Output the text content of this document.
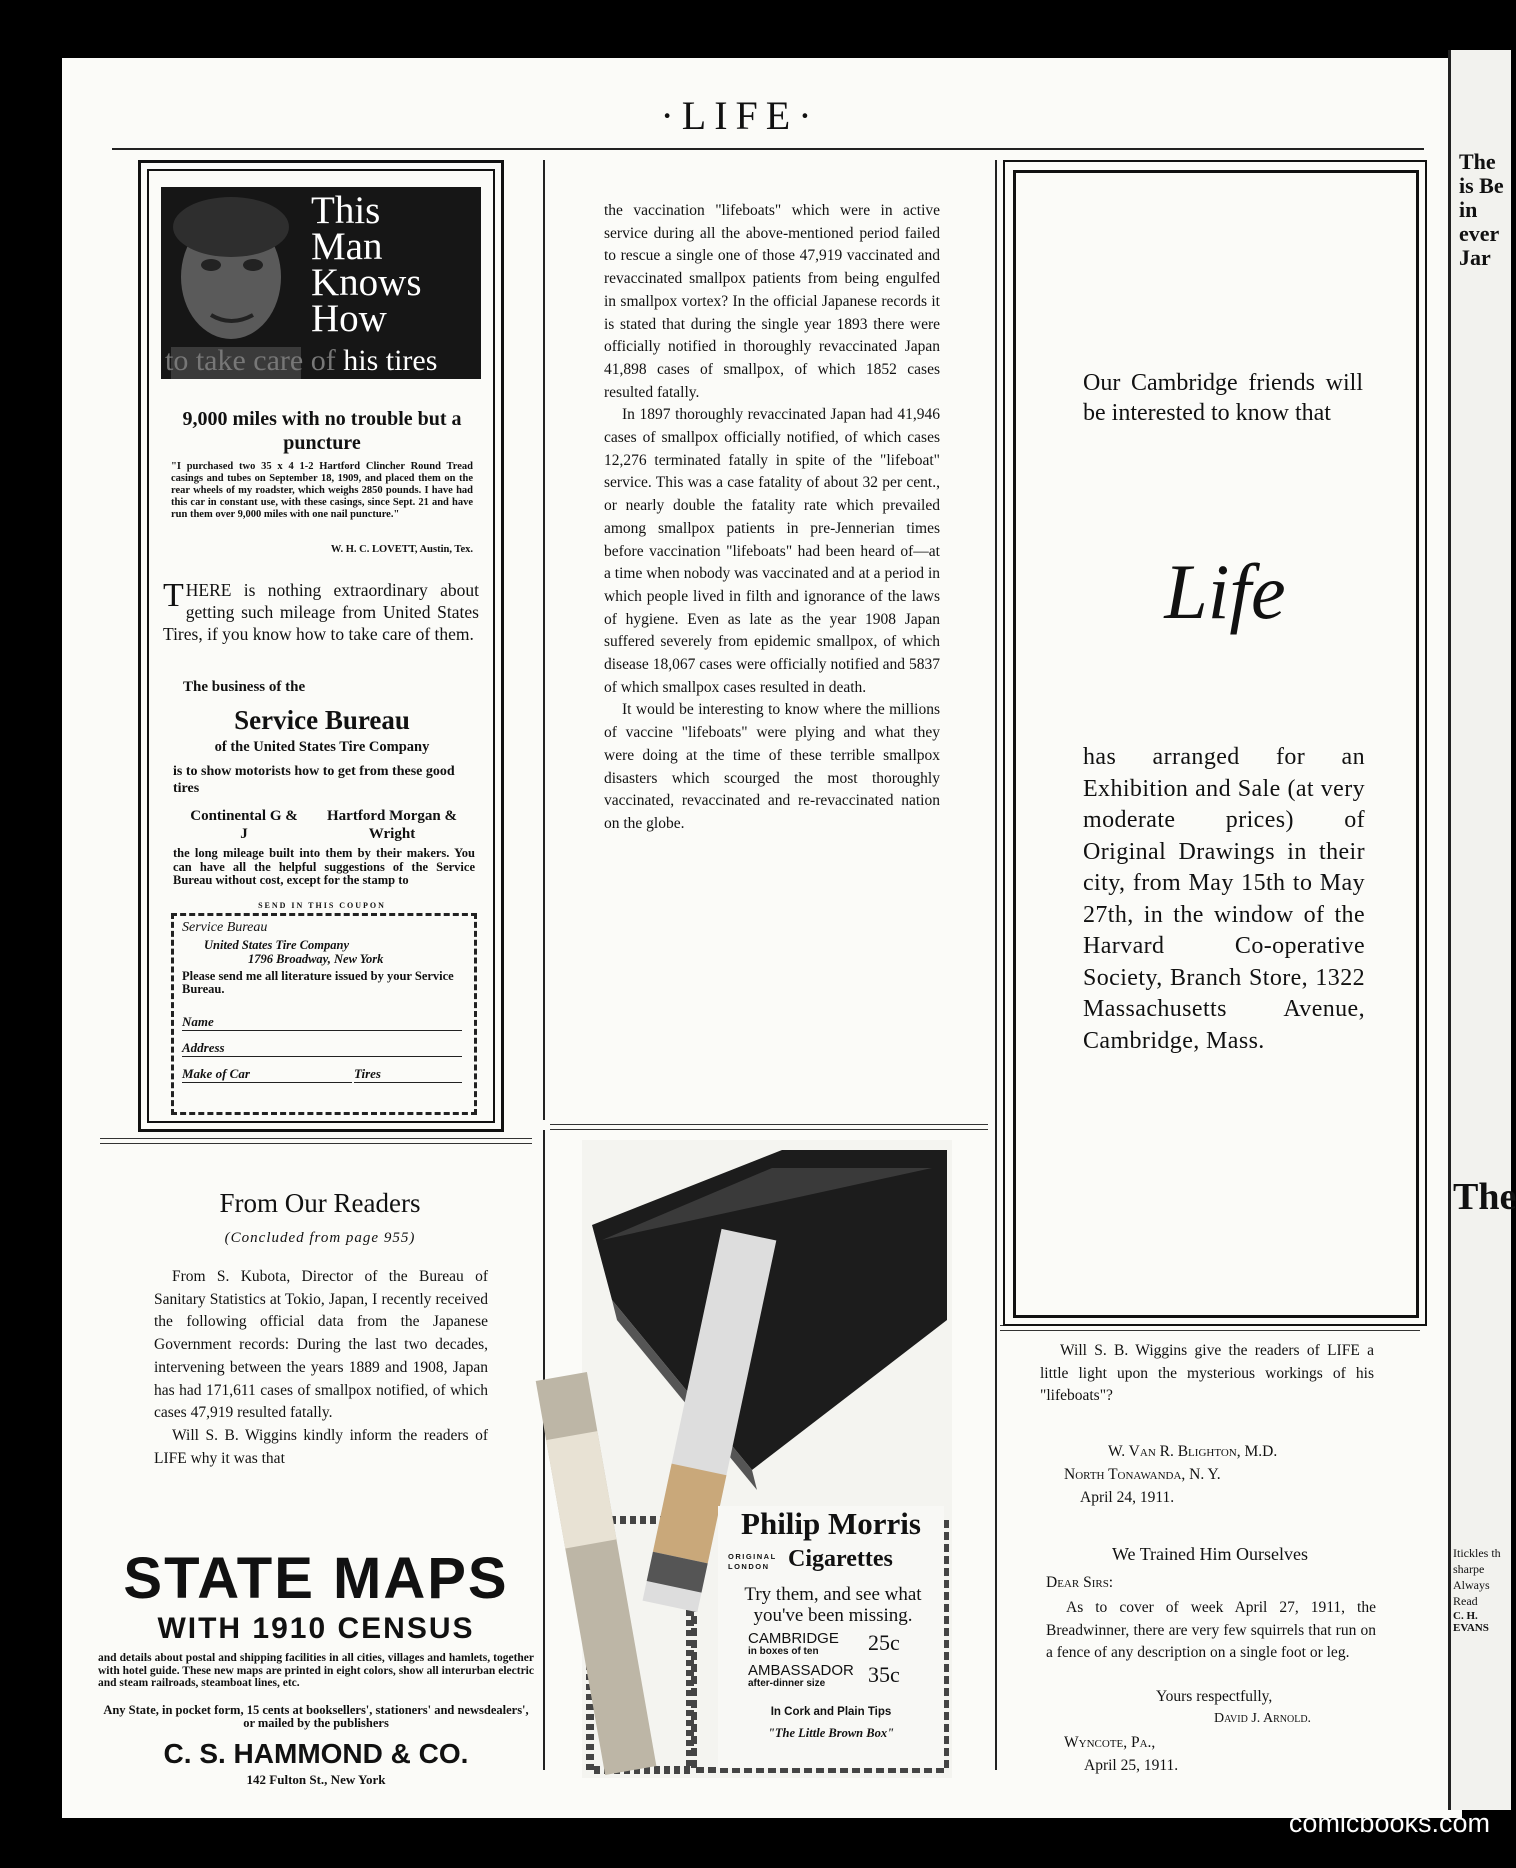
The is Be in ever Jar
The
Itickles th sharpe Always Read
C. H. EVANS
·LIFE·
This
Man
Knows
How
to take care of his tires
9,000 miles with no trouble but a puncture
"I purchased two 35 x 4 1-2 Hartford Clincher Round Tread casings and tubes on September 18, 1909, and placed them on the rear wheels of my roadster, which weighs 2850 pounds. I have had this car in constant use, with these casings, since Sept. 21 and have run them over 9,000 miles with one nail puncture."
W. H. C. LOVETT, Austin, Tex.
THERE is nothing extraordinary about getting such mileage from United States Tires, if you know how to take care of them.
The business of the
Service Bureau
of the United States Tire Company
is to show motorists how to get from these good tires
Continental G & J
Hartford Morgan & Wright
the long mileage built into them by their makers. You can have all the helpful suggestions of the Service Bureau without cost, except for the stamp to
SEND IN THIS COUPON
Service Bureau
United States Tire Company
1796 Broadway, New York
Please send me all literature issued by your Service Bureau.
Name
Address
Make of Car	Tires

the vaccination "lifeboats" which were in active service during all the above-mentioned period failed to rescue a single one of those 47,919 vaccinated and revaccinated smallpox patients from being engulfed in smallpox vortex? In the official Japanese records it is stated that during the single year 1893 there were officially notified in thoroughly revaccinated Japan 41,898 cases of smallpox, of which 1852 cases resulted fatally.

In 1897 thoroughly revaccinated Japan had 41,946 cases of smallpox officially notified, of which cases 12,276 terminated fatally in spite of the "lifeboat" service. This was a case fatality of about 32 per cent., or nearly double the fatality rate which prevailed among smallpox patients in pre-Jennerian times before vaccination "lifeboats" had been heard of—at a time when nobody was vaccinated and at a period in which people lived in filth and ignorance of the laws of hygiene. Even as late as the year 1908 Japan suffered severely from epidemic smallpox, of which disease 18,067 cases were officially notified and 5837 of which smallpox cases resulted in death.

It would be interesting to know where the millions of vaccine "lifeboats" were plying and what they were doing at the time of these terrible smallpox disasters which scourged the most thoroughly vaccinated, revaccinated and re-revaccinated nation on the globe.

Our Cambridge friends will be interested to know that
Life
has arranged for an Exhibition and Sale (at very moderate prices) of Original Drawings in their city, from May 15th to May 27th, in the window of the Harvard Co-operative Society, Branch Store, 1322 Massachusetts Avenue, Cambridge, Mass.
From Our Readers
(Concluded from page 955)

From S. Kubota, Director of the Bureau of Sanitary Statistics at Tokio, Japan, I recently received the following official data from the Japanese Government records: During the last two decades, intervening between the years 1889 and 1908, Japan has had 171,611 cases of smallpox notified, of which cases 47,919 resulted fatally.

Will S. B. Wiggins kindly inform the readers of LIFE why it was that

STATE MAPS
WITH 1910 CENSUS
and details about postal and shipping facilities in all cities, villages and hamlets, together with hotel guide. These new maps are printed in eight colors, show all interurban electric and steam railroads, steamboat lines, etc.
Any State, in pocket form, 15 cents at booksellers', stationers' and newsdealers', or mailed by the publishers
C. S. HAMMOND & CO.
142 Fulton St., New York
Philip Morris
ORIGINAL LONDON Cigarettes
Try them, and see what you've been missing.
CAMBRIDGE
in boxes of ten	25c
AMBASSADOR
after-dinner size	35c
In Cork and Plain Tips
"The Little Brown Box"
Will S. B. Wiggins give the readers of LIFE a little light upon the mysterious workings of his "lifeboats"?
W. Van R. Blighton, M.D.
North Tonawanda, N. Y.
April 24, 1911.
We Trained Him Ourselves
Dear Sirs:
As to cover of week April 27, 1911, the Breadwinner, there are very few squirrels that run on a fence of any description on a single foot or leg.
Yours respectfully,
David J. Arnold.
Wyncote, Pa.,
April 25, 1911.
comicbooks.com
